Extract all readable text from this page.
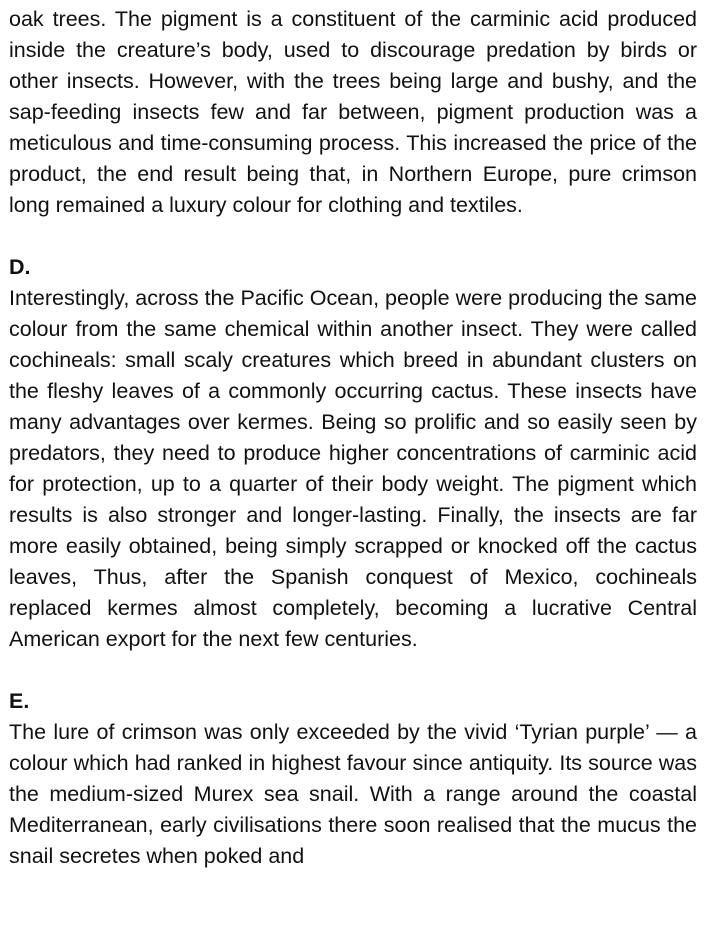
oak trees. The pigment is a constituent of the carminic acid produced inside the creature’s body, used to discourage predation by birds or other insects. However, with the trees being large and bushy, and the sap-feeding insects few and far between, pigment production was a meticulous and time-consuming process. This increased the price of the product, the end result being that, in Northern Europe, pure crimson long remained a luxury colour for clothing and textiles.

D.

Interestingly, across the Pacific Ocean, people were producing the same colour from the same chemical within another insect. They were called cochineals: small scaly creatures which breed in abundant clusters on the fleshy leaves of a commonly occurring cactus. These insects have many advantages over kermes. Being so prolific and so easily seen by predators, they need to produce higher concentrations of carminic acid for protection, up to a quarter of their body weight. The pigment which results is also stronger and longer-lasting. Finally, the insects are far more easily obtained, being simply scrapped or knocked off the cactus leaves, Thus, after the Spanish conquest of Mexico, cochineals replaced kermes almost completely, becoming a lucrative Central American export for the next few centuries.

E.

The lure of crimson was only exceeded by the vivid ‘Tyrian purple’ — a colour which had ranked in highest favour since antiquity. Its source was the medium-sized Murex sea snail. With a range around the coastal Mediterranean, early civilisations there soon realised that the mucus the snail secretes when poked and
